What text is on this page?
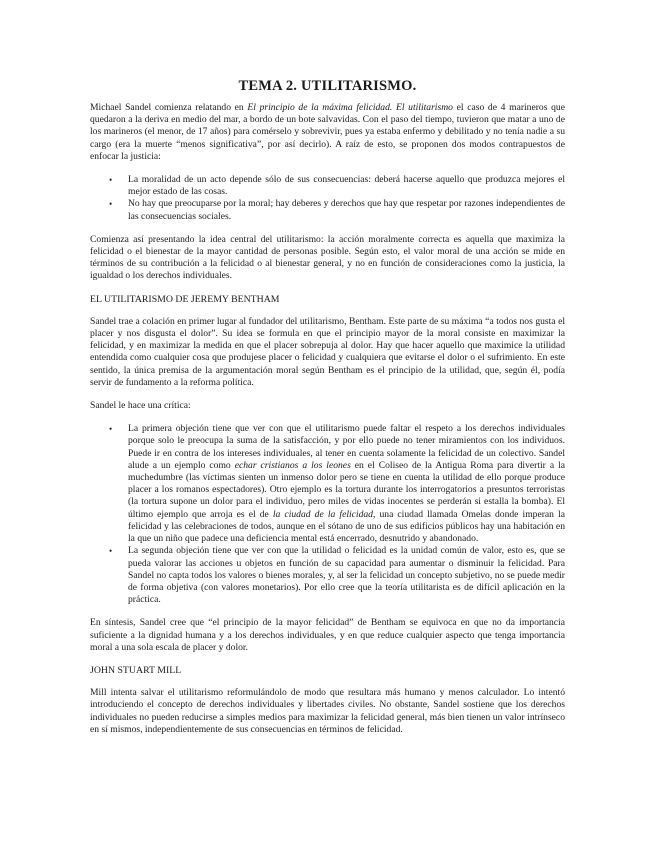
TEMA 2. UTILITARISMO.

Michael Sandel comienza relatando en El principio de la máxima felicidad. El utilitarismo el caso de 4 marineros que quedaron a la deriva en medio del mar, a bordo de un bote salvavidas. Con el paso del tiempo, tuvieron que matar a uno de los marineros (el menor, de 17 años) para comérselo y sobrevivir, pues ya estaba enfermo y debilitado y no tenía nadie a su cargo (era la muerte “menos significativa”, por así decirlo). A raíz de esto, se proponen dos modos contrapuestos de enfocar la justicia:

• La moralidad de un acto depende sólo de sus consecuencias: deberá hacerse aquello que produzca mejores el mejor estado de las cosas.
• No hay que preocuparse por la moral; hay deberes y derechos que hay que respetar por razones independientes de las consecuencias sociales.

Comienza así presentando la idea central del utilitarismo: la acción moralmente correcta es aquella que maximiza la felicidad o el bienestar de la mayor cantidad de personas posible. Según esto, el valor moral de una acción se mide en términos de su contribución a la felicidad o al bienestar general, y no en función de consideraciones como la justicia, la igualdad o los derechos individuales.

EL UTILITARISMO DE JEREMY BENTHAM

Sandel trae a colación en primer lugar al fundador del utilitarismo, Bentham. Este parte de su máxima “a todos nos gusta el placer y nos disgusta el dolor”. Su idea se formula en que el principio mayor de la moral consiste en maximizar la felicidad, y en maximizar la medida en que el placer sobrepuja al dolor. Hay que hacer aquello que maximice la utilidad entendida como cualquier cosa que produjese placer o felicidad y cualquiera que evitarse el dolor o el sufrimiento. En este sentido, la única premisa de la argumentación moral según Bentham es el principio de la utilidad, que, según él, podía servir de fundamento a la reforma política.

Sandel le hace una crítica:

• La primera objeción tiene que ver con que el utilitarismo puede faltar el respeto a los derechos individuales porque solo le preocupa la suma de la satisfacción, y por ello puede no tener miramientos con los individuos. Puede ir en contra de los intereses individuales, al tener en cuenta solamente la felicidad de un colectivo. Sandel alude a un ejemplo como echar cristianos a los leones en el Coliseo de la Antigua Roma para divertir a la muchedumbre (las víctimas sienten un inmenso dolor pero se tiene en cuenta la utilidad de ello porque produce placer a los romanos espectadores). Otro ejemplo es la tortura durante los interrogatorios a presuntos terroristas (la tortura supone un dolor para el individuo, pero miles de vidas inocentes se perderán si estalla la bomba). El último ejemplo que arroja es el de la ciudad de la felicidad, una ciudad llamada Omelas donde imperan la felicidad y las celebraciones de todos, aunque en el sótano de uno de sus edificios públicos hay una habitación en la que un niño que padece una deficiencia mental está encerrado, desnutrido y abandonado.
• La segunda objeción tiene que ver con que la utilidad o felicidad es la unidad común de valor, esto es, que se pueda valorar las acciones u objetos en función de su capacidad para aumentar o disminuir la felicidad. Para Sandel no capta todos los valores o bienes morales, y, al ser la felicidad un concepto subjetivo, no se puede medir de forma objetiva (con valores monetarios). Por ello cree que la teoría utilitarista es de difícil aplicación en la práctica.

En síntesis, Sandel cree que “el principio de la mayor felicidad” de Bentham se equivoca en que no da importancia suficiente a la dignidad humana y a los derechos individuales, y en que reduce cualquier aspecto que tenga importancia moral a una sola escala de placer y dolor.

JOHN STUART MILL

Mill intenta salvar el utilitarismo reformulándolo de modo que resultara más humano y menos calculador. Lo intentó introduciendo el concepto de derechos individuales y libertades civiles. No obstante, Sandel sostiene que los derechos individuales no pueden reducirse a simples medios para maximizar la felicidad general, más bien tienen un valor intrínseco en sí mismos, independientemente de sus consecuencias en términos de felicidad.
